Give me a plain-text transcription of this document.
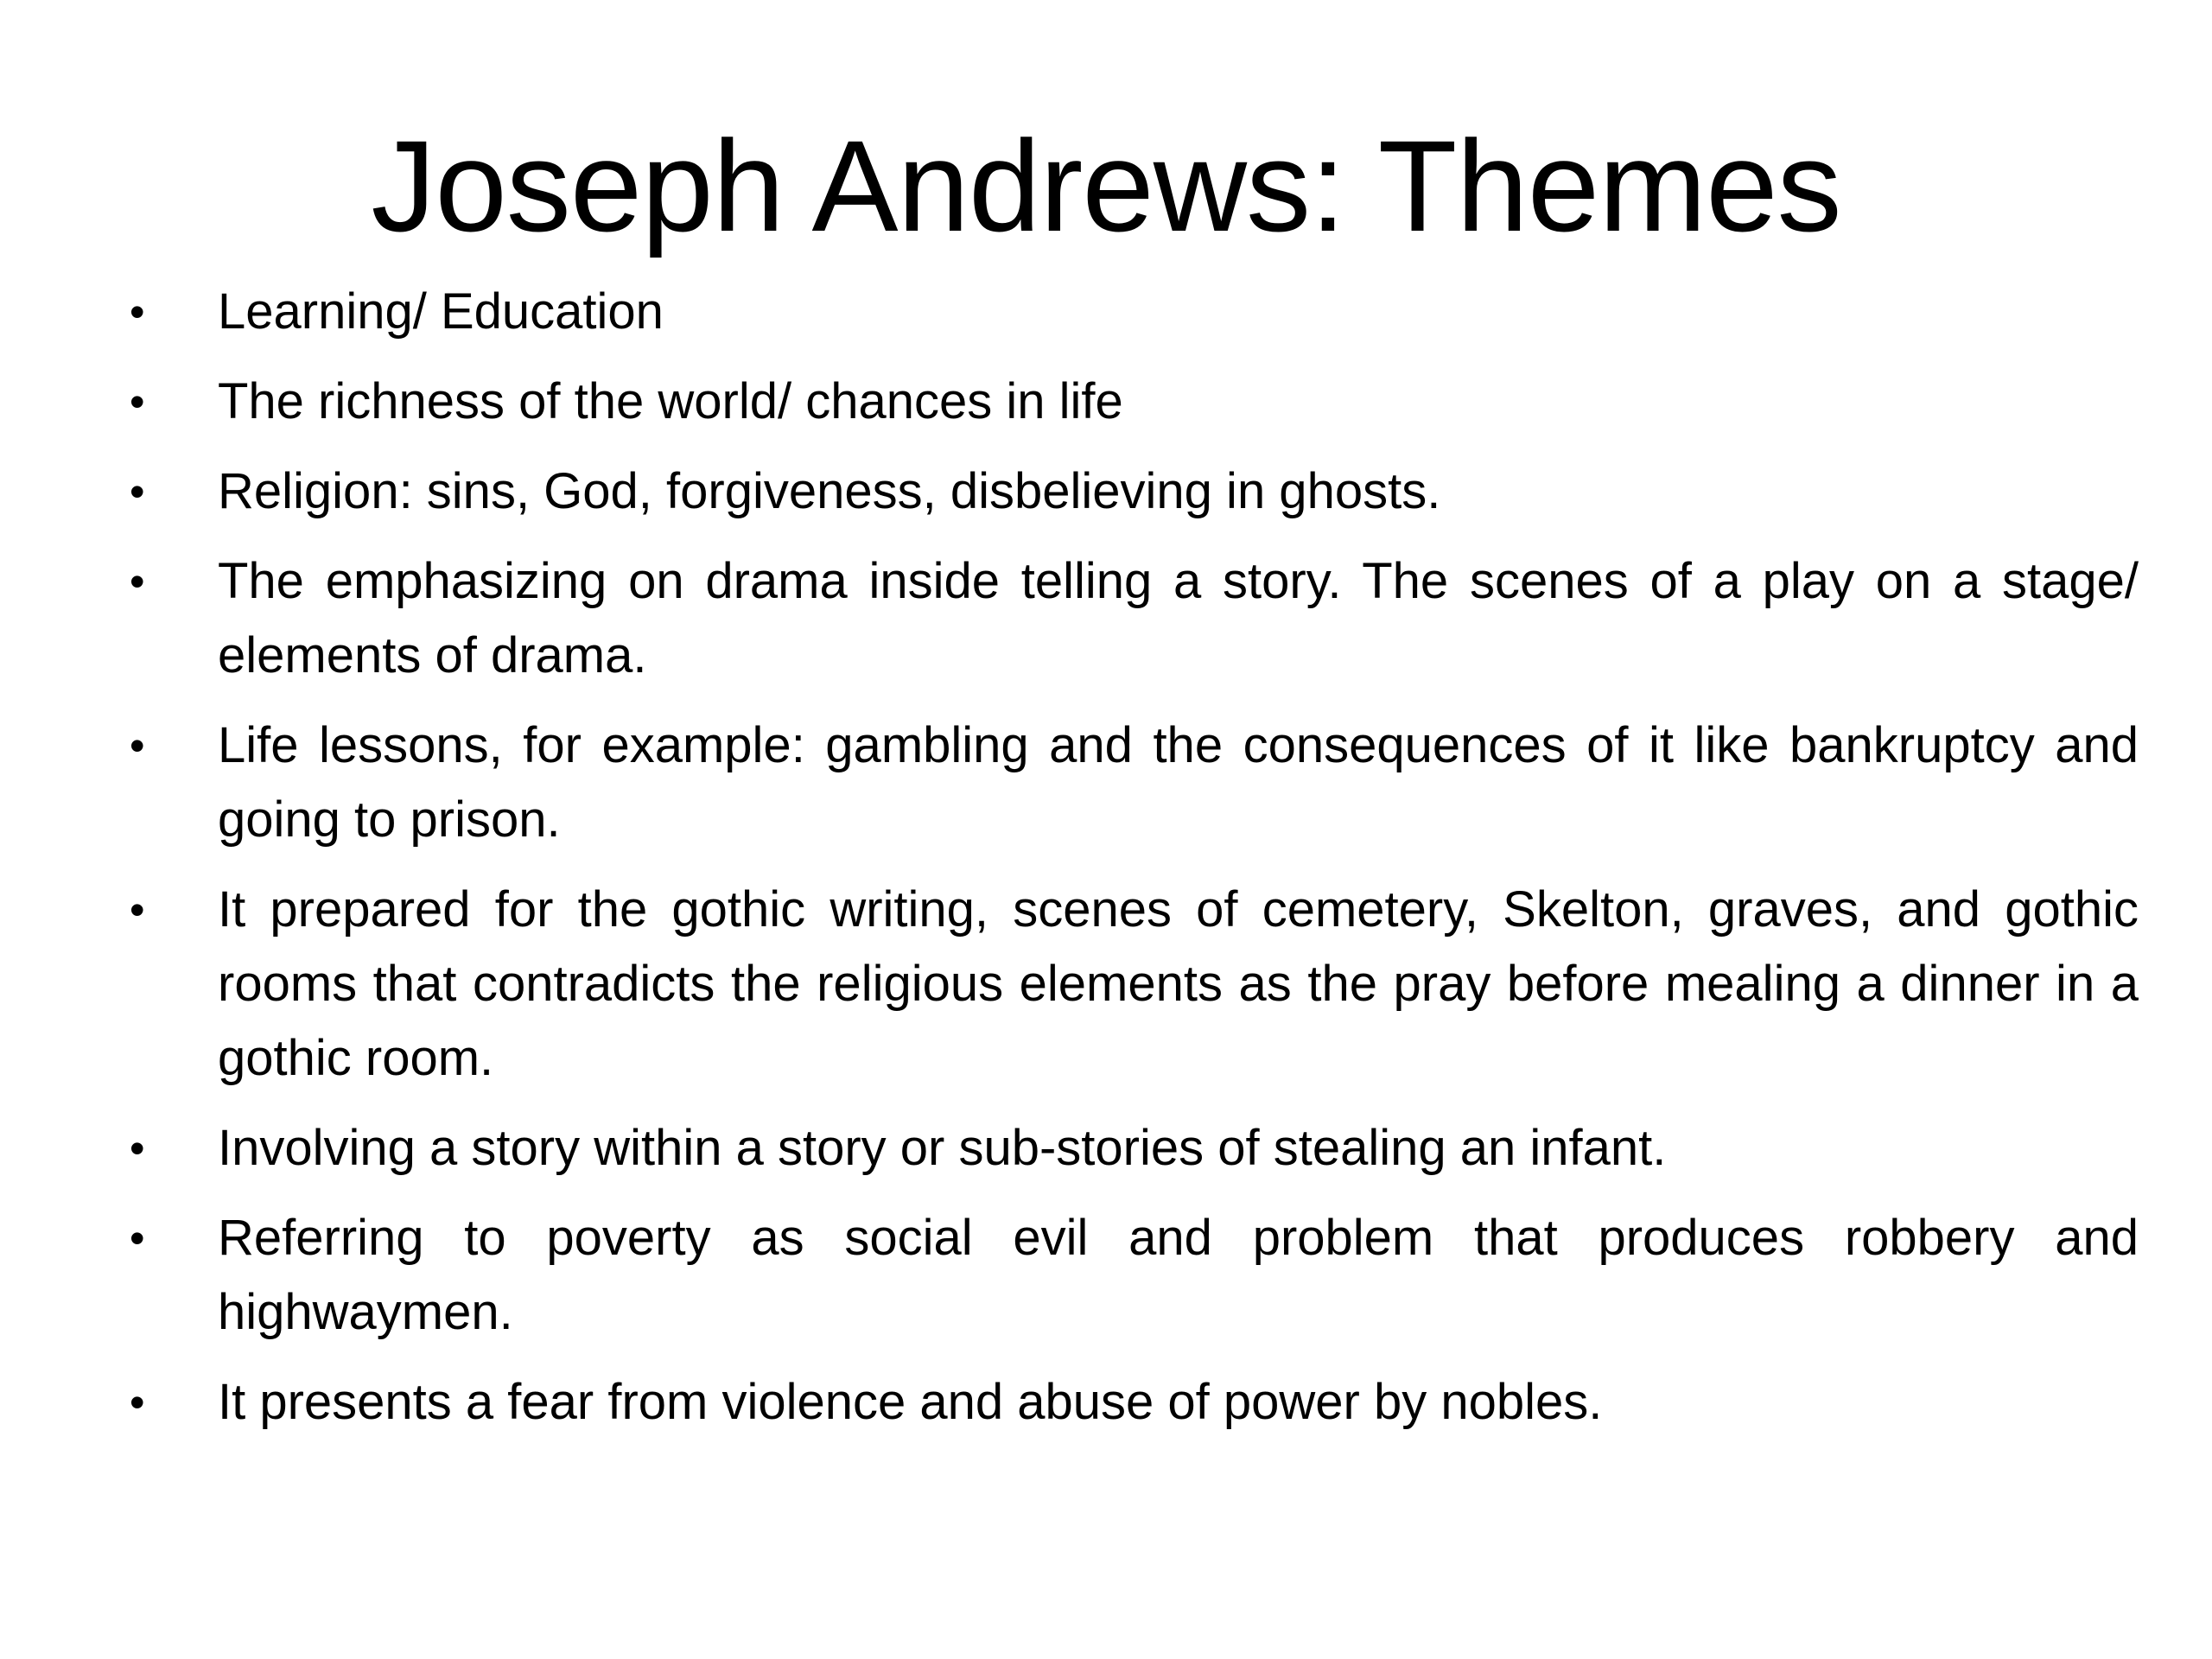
Joseph Andrews: Themes
•	Learning/ Education
•	The richness of the world/ chances in life
•	Religion: sins, God, forgiveness, disbelieving in ghosts.
•	The emphasizing on drama inside telling a story. The scenes of a play on a stage/ elements of drama.
•	Life lessons, for example: gambling and the consequences of it like bankruptcy and going to prison.
•	It prepared for the gothic writing, scenes of cemetery, Skelton, graves, and gothic rooms that contradicts the religious elements as the pray before mealing a dinner in a gothic room.
•	Involving a story within a story or sub-stories of stealing an infant.
•	Referring to poverty as social evil and problem that produces robbery and highwaymen.
•	It presents a fear from violence and abuse of power by nobles.
